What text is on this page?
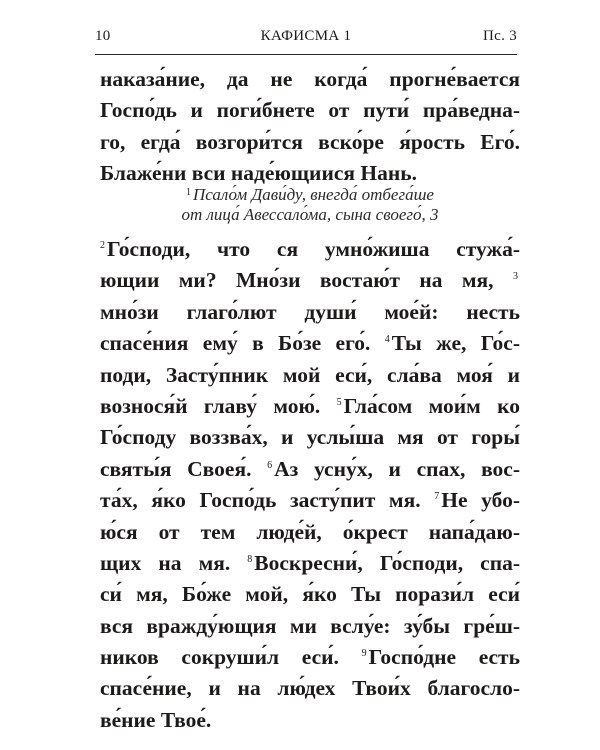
10	КАФИСМА 1	Пс. 3
наказа́ние, да не когда́ прогне́вается
Госпо́дь и поги́бнете от пути́ пра́ведна-
го, егда́ возгори́тся вско́ре я́рость Его́.
Блаже́ни вси наде́ющиися Нань.
$^1$ Псало́м Дави́ду, внегда́ отбега́ше
от лица́ Авессало́ма, сына своего́, 3
$^2$Го́споди, что ся умно́жиша стужа́-
ющии ми? Мно́зи востаю́т на мя, $^3$
мно́зи глаго́лют души́ мое́й: несть
спасе́ния ему́ в Бо́зе его́. $^4$Ты же, Го́с-
поди, Засту́пник мой еси́, сла́ва моя́ и
вознося́й главу́ мою́. $^5$Гла́сом мои́м ко
Го́споду воззва́х, и услы́ша мя от горы́
святы́я Своея́. $^6$Аз усну́х, и спах, вос-
та́х, я́ко Госпо́дь засту́пит мя. $^7$Не убо-
ю́ся от тем люде́й, о́крест напа́даю-
щих на мя. $^8$Воскресни́, Го́споди, спа-
си́ мя, Бо́же мой, я́ко Ты порази́л еси́
вся вражду́ющия ми вслу́е: зу́бы гре́ш-
ников сокруши́л еси́. $^9$Госпо́дне есть
спасе́ние, и на лю́дех Твои́х благосло-
ве́ние Твое́.
